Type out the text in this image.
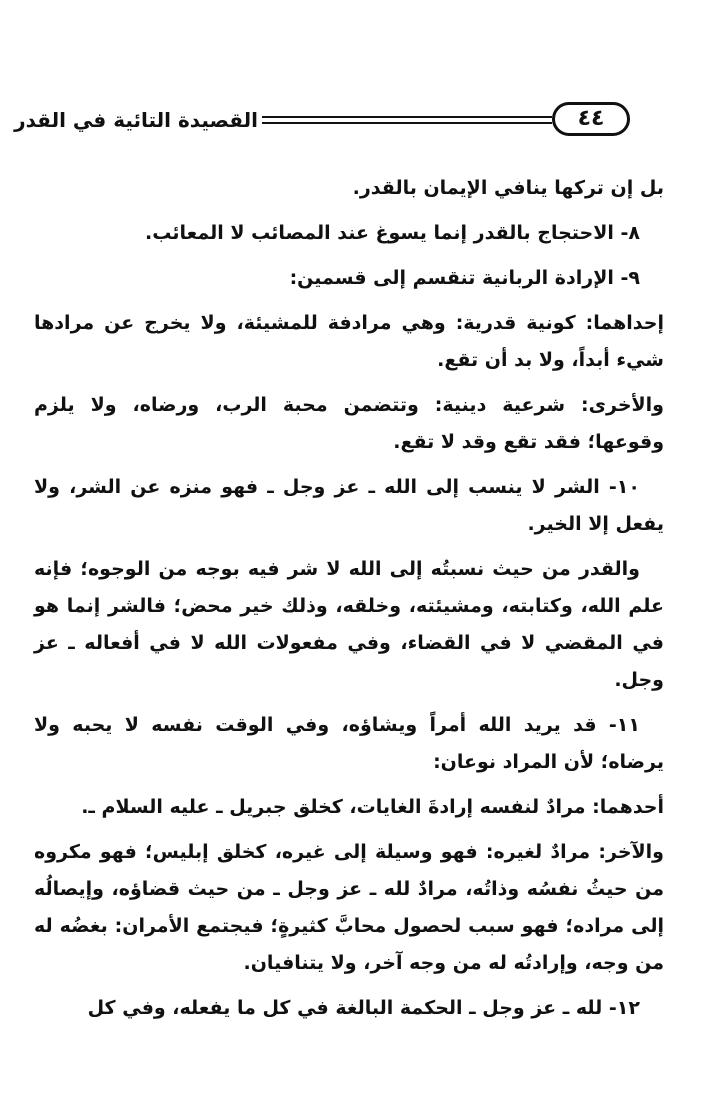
٤٤
القصيدة التائية في القدر

بل إن تركها ينافي الإيمان بالقدر.

٨- الاحتجاج بالقدر إنما يسوغ عند المصائب لا المعائب.

٩- الإرادة الربانية تنقسم إلى قسمين:

إحداهما: كونية قدرية: وهي مرادفة للمشيئة، ولا يخرج عن مرادها شيء أبداً، ولا بد أن تقع.

والأخرى: شرعية دينية: وتتضمن محبة الرب، ورضاه، ولا يلزم وقوعها؛ فقد تقع وقد لا تقع.

١٠- الشر لا ينسب إلى الله ـ عز وجل ـ فهو منزه عن الشر، ولا يفعل إلا الخير.

والقدر من حيث نسبتُه إلى الله لا شر فيه بوجه من الوجوه؛ فإنه علم الله، وكتابته، ومشيئته، وخلقه، وذلك خير محض؛ فالشر إنما هو في المقضي لا في القضاء، وفي مفعولات الله لا في أفعاله ـ عز وجل.

١١- قد يريد الله أمراً ويشاؤه، وفي الوقت نفسه لا يحبه ولا يرضاه؛ لأن المراد نوعان:

أحدهما: مرادٌ لنفسه إرادةَ الغايات، كخلق جبريل ـ عليه السلام ـ.

والآخر: مرادٌ لغيره: فهو وسيلة إلى غيره، كخلق إبليس؛ فهو مكروه من حيثُ نفسُه وذاتُه، مرادٌ لله ـ عز وجل ـ من حيث قضاؤه، وإيصالُه إلى مراده؛ فهو سبب لحصول محابَّ كثيرةٍ؛ فيجتمع الأمران: بغضُه له من وجه، وإرادتُه له من وجه آخر، ولا يتنافيان.

١٢- لله ـ عز وجل ـ الحكمة البالغة في كل ما يفعله، وفي كل
